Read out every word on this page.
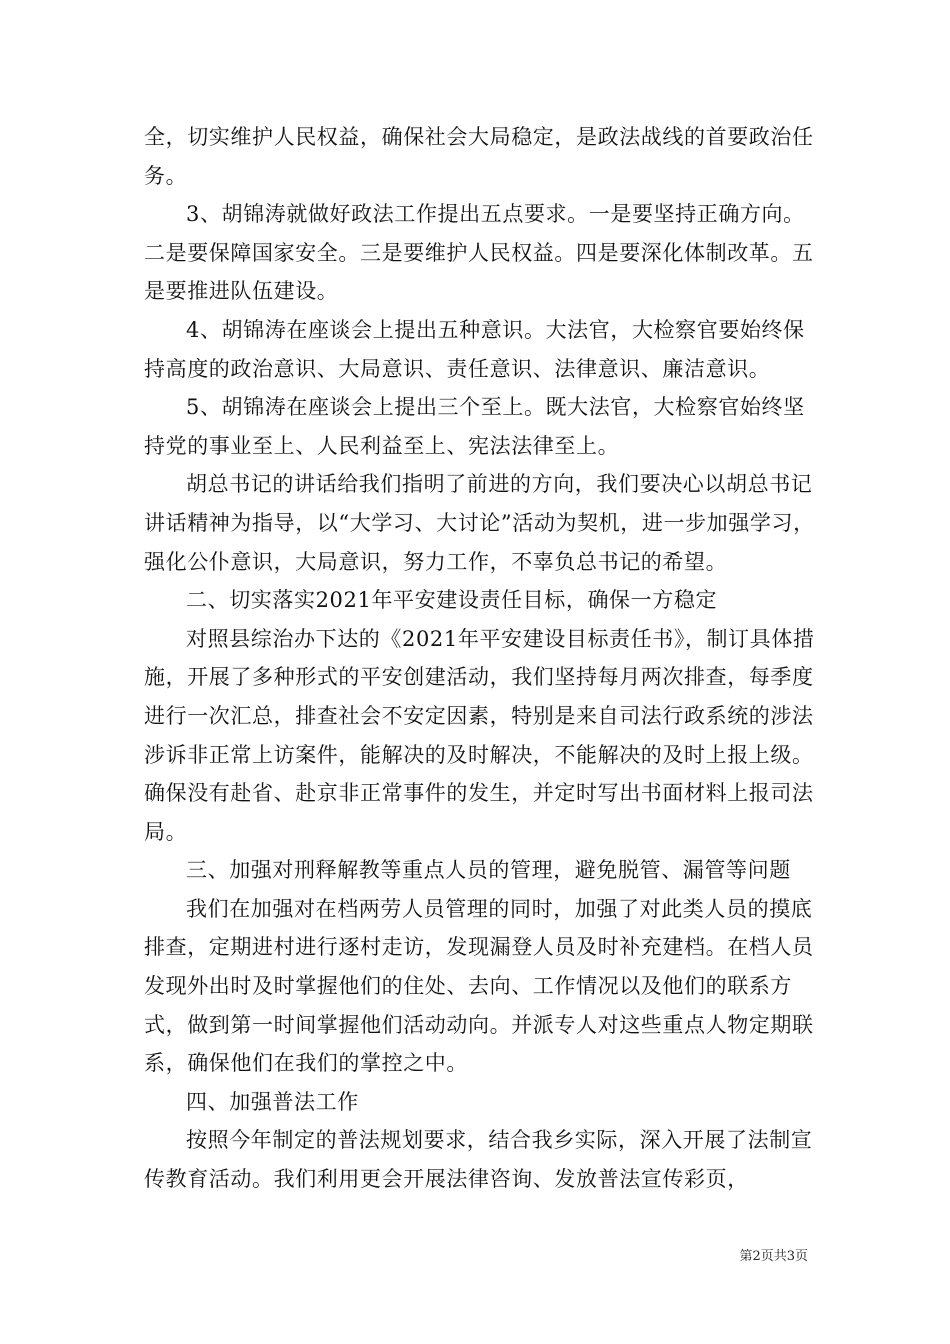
全，切实维护人民权益，确保社会大局稳定，是政法战线的首要政治任务。

3、胡锦涛就做好政法工作提出五点要求。一是要坚持正确方向。二是要保障国家安全。三是要维护人民权益。四是要深化体制改革。五是要推进队伍建设。

4、胡锦涛在座谈会上提出五种意识。大法官，大检察官要始终保持高度的政治意识、大局意识、责任意识、法律意识、廉洁意识。

5、胡锦涛在座谈会上提出三个至上。既大法官，大检察官始终坚持党的事业至上、人民利益至上、宪法法律至上。

胡总书记的讲话给我们指明了前进的方向，我们要决心以胡总书记讲话精神为指导，以“大学习、大讨论”活动为契机，进一步加强学习，强化公仆意识，大局意识，努力工作，不辜负总书记的希望。

二、切实落实2021年平安建设责任目标，确保一方稳定

对照县综治办下达的《2021年平安建设目标责任书》，制订具体措施，开展了多种形式的平安创建活动，我们坚持每月两次排查，每季度进行一次汇总，排查社会不安定因素，特别是来自司法行政系统的涉法涉诉非正常上访案件，能解决的及时解决，不能解决的及时上报上级。确保没有赴省、赴京非正常事件的发生，并定时写出书面材料上报司法局。

三、加强对刑释解教等重点人员的管理，避免脱管、漏管等问题

我们在加强对在档两劳人员管理的同时，加强了对此类人员的摸底排查，定期进村进行逐村走访，发现漏登人员及时补充建档。在档人员发现外出时及时掌握他们的住处、去向、工作情况以及他们的联系方式，做到第一时间掌握他们活动动向。并派专人对这些重点人物定期联系，确保他们在我们的掌控之中。

四、加强普法工作

按照今年制定的普法规划要求，结合我乡实际，深入开展了法制宣传教育活动。我们利用更会开展法律咨询、发放普法宣传彩页，

第2页共3页
